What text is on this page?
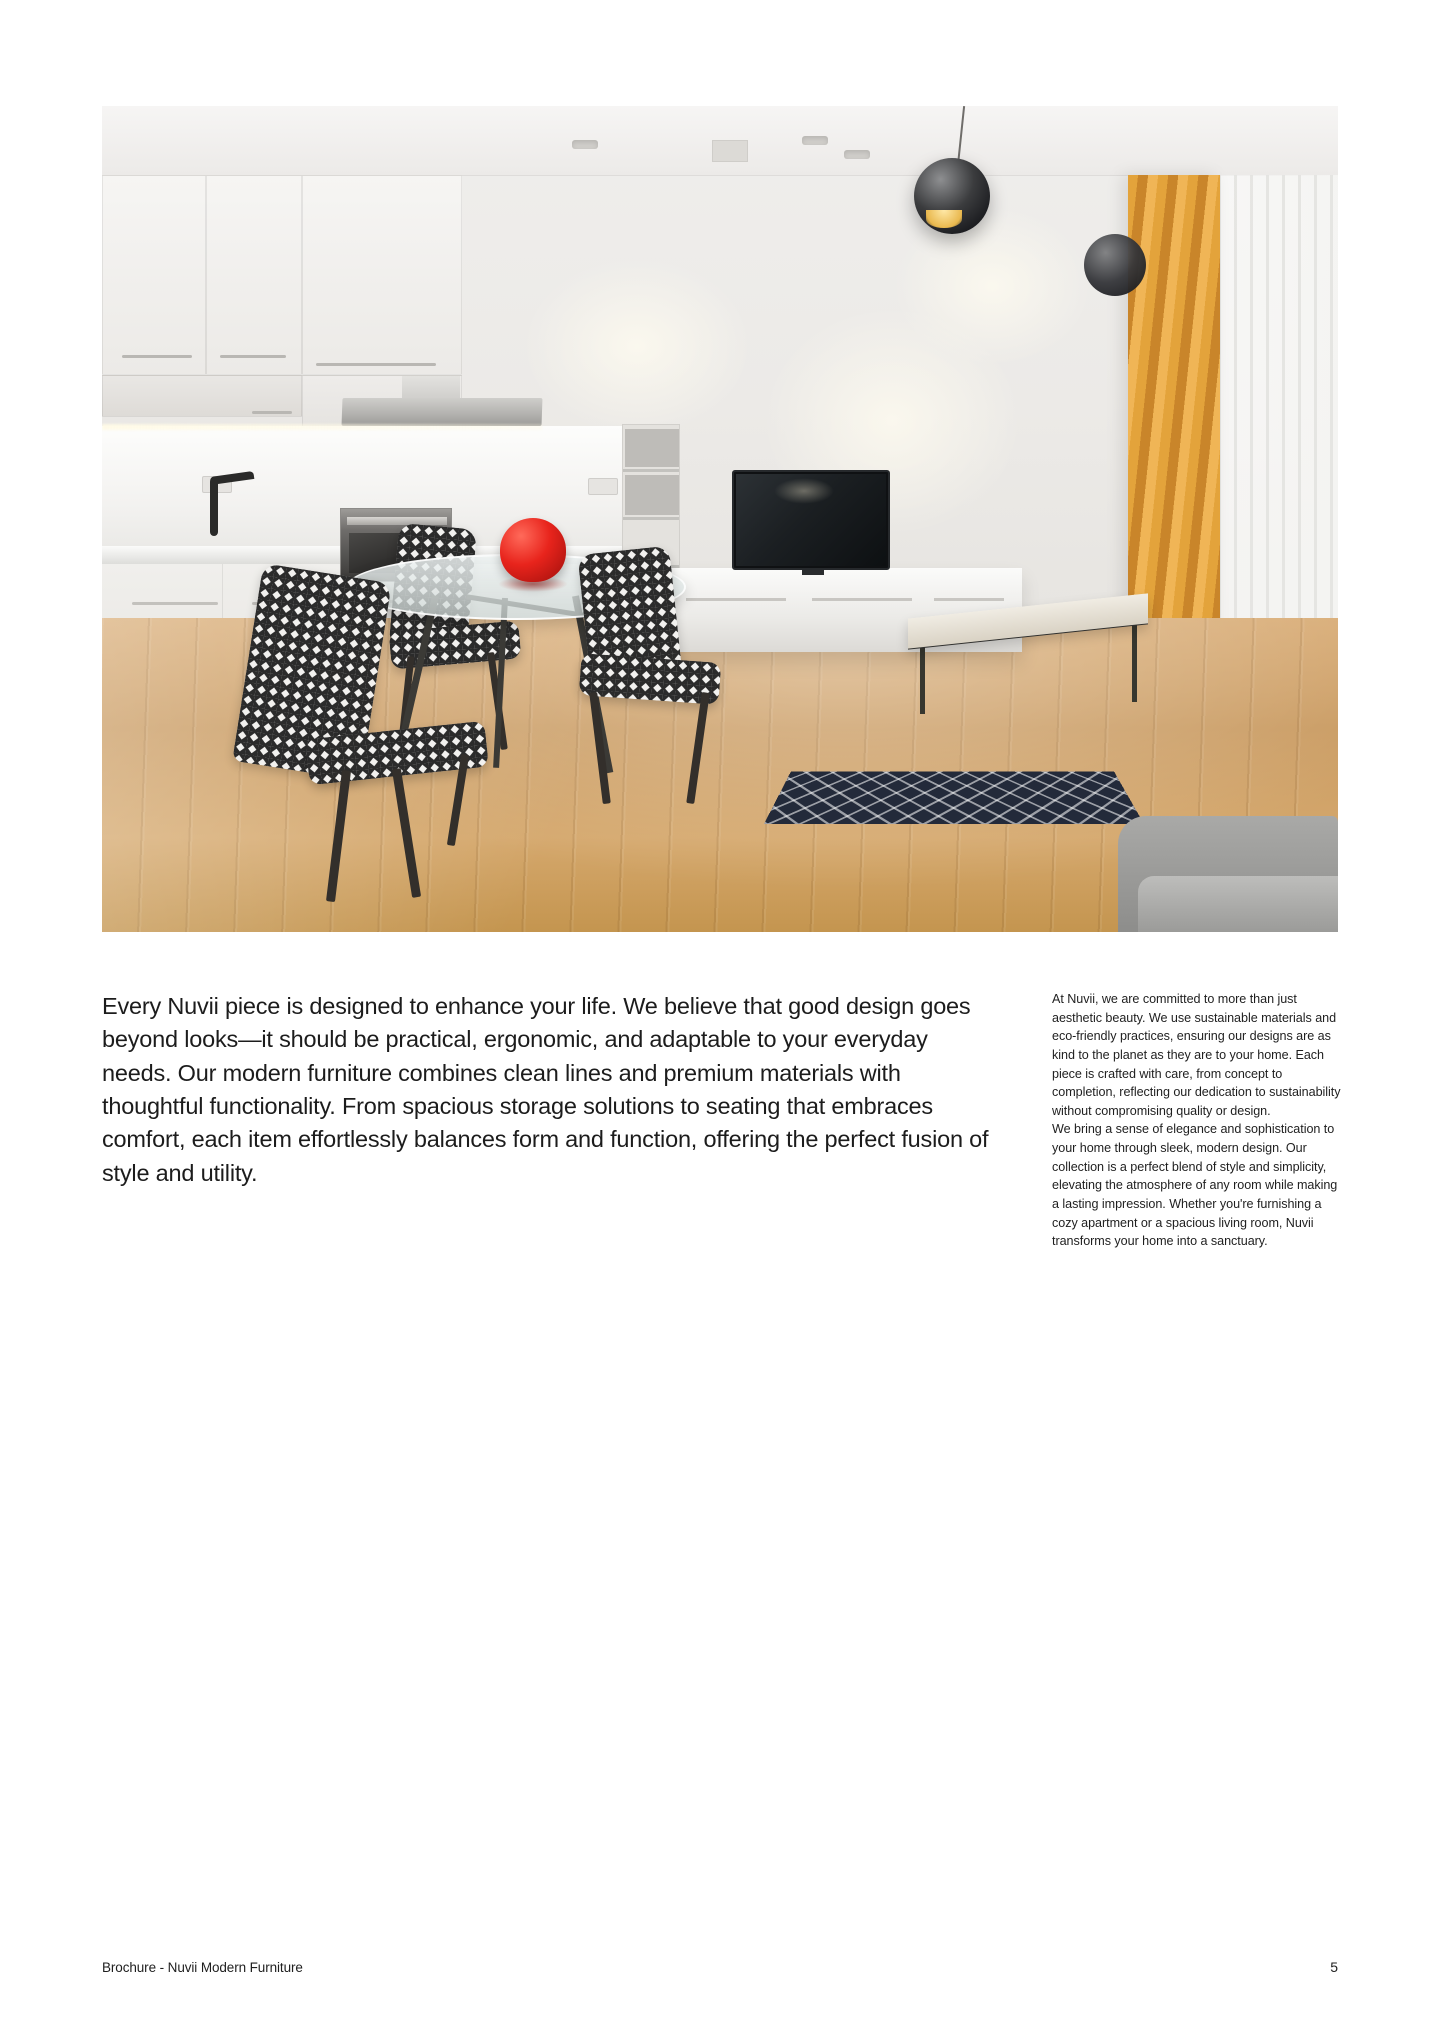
Every Nuvii piece is designed to enhance your life. We believe that good design goes beyond looks—it should be practical, ergonomic, and adaptable to your everyday needs. Our modern furniture combines clean lines and premium materials with thoughtful functionality. From spacious storage solutions to seating that embraces comfort, each item effortlessly balances form and function, offering the perfect fusion of style and utility.

At Nuvii, we are committed to more than just aesthetic beauty. We use sustainable materials and eco-friendly practices, ensuring our designs are as kind to the planet as they are to your home. Each piece is crafted with care, from concept to completion, reflecting our dedication to sustainability without compromising quality or design.

We bring a sense of elegance and sophistication to your home through sleek, modern design. Our collection is a perfect blend of style and simplicity, elevating the atmosphere of any room while making a lasting impression. Whether you're furnishing a cozy apartment or a spacious living room, Nuvii transforms your home into a sanctuary.

Brochure - Nuvii Modern Furniture	5
